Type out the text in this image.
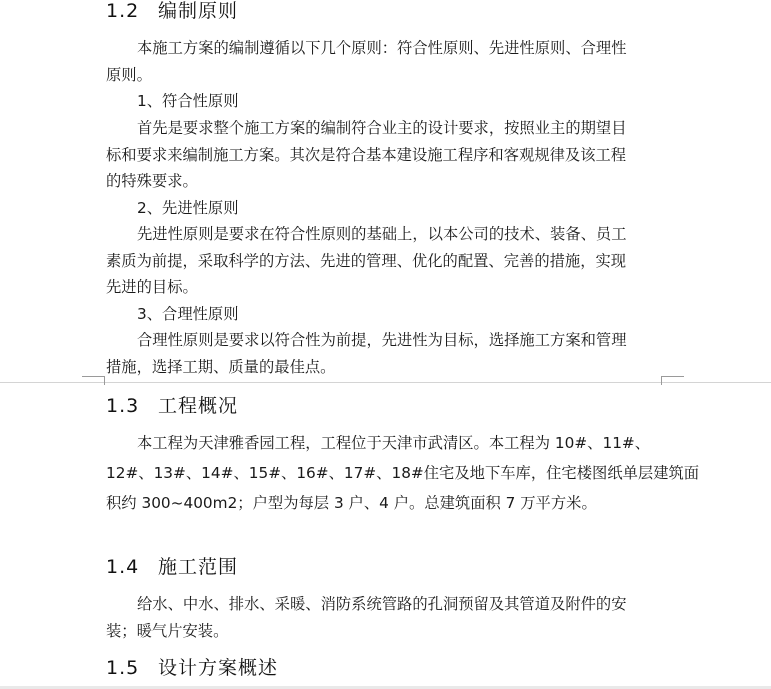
1.2 编制原则
本施工方案的编制遵循以下几个原则：符合性原则、先进性原则、合理性
原则。
1、符合性原则
首先是要求整个施工方案的编制符合业主的设计要求，按照业主的期望目
标和要求来编制施工方案。其次是符合基本建设施工程序和客观规律及该工程
的特殊要求。
2、先进性原则
先进性原则是要求在符合性原则的基础上，以本公司的技术、装备、员工
素质为前提，采取科学的方法、先进的管理、优化的配置、完善的措施，实现
先进的目标。
3、合理性原则
合理性原则是要求以符合性为前提，先进性为目标，选择施工方案和管理
措施，选择工期、质量的最佳点。
1.3 工程概况
本工程为天津雅香园工程，工程位于天津市武清区。本工程为 10#、11#、
12#、13#、14#、15#、16#、17#、18#住宅及地下车库，住宅楼图纸单层建筑面
积约 300~400m2；户型为每层 3 户、4 户。总建筑面积 7 万平方米。
1.4 施工范围
给水、中水、排水、采暖、消防系统管路的孔洞预留及其管道及附件的安
装；暖气片安装。
1.5 设计方案概述
